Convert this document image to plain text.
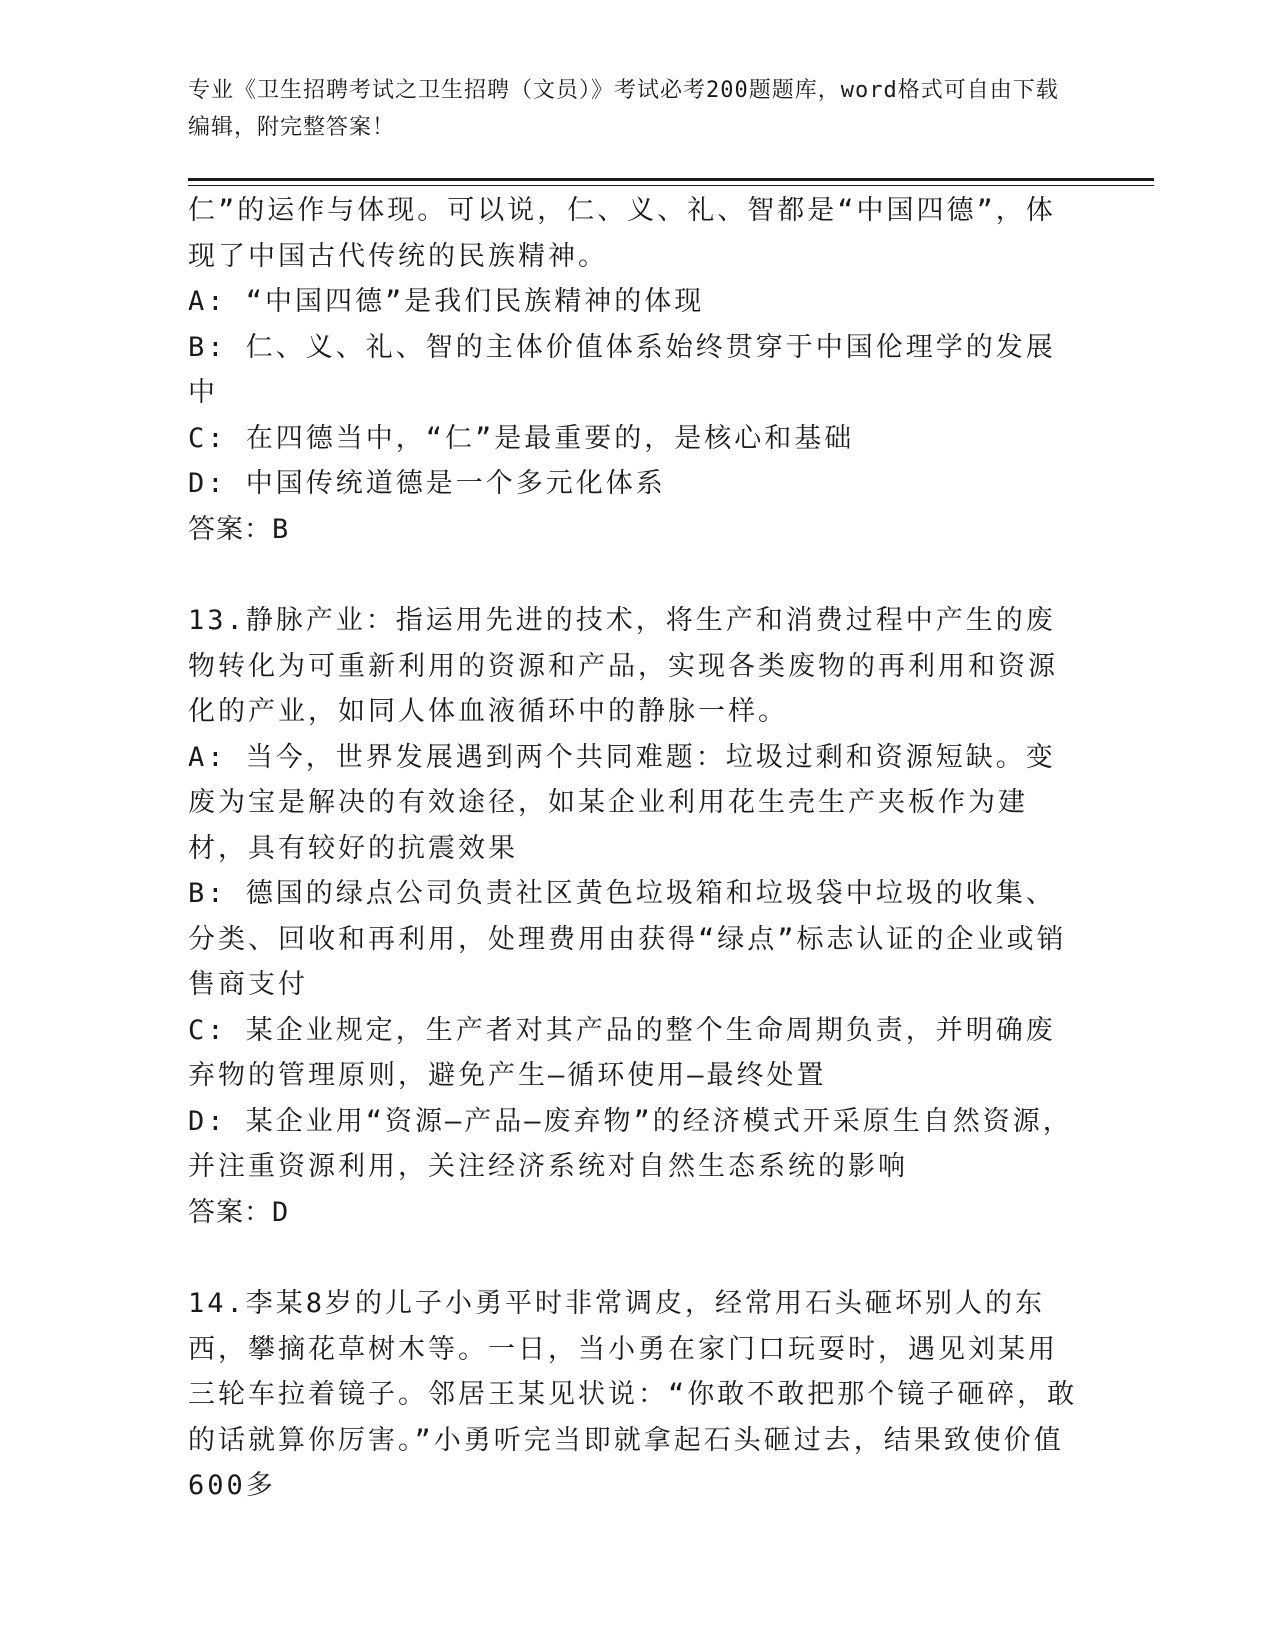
专业《卫生招聘考试之卫生招聘（文员）》考试必考200题题库，word格式可自由下载编辑，附完整答案！

仁”的运作与体现。可以说，仁、义、礼、智都是“中国四德”，体现了中国古代传统的民族精神。

A: “中国四德”是我们民族精神的体现

B: 仁、义、礼、智的主体价值体系始终贯穿于中国伦理学的发展中

C: 在四德当中，“仁”是最重要的，是核心和基础

D: 中国传统道德是一个多元化体系

答案：B

13.静脉产业：指运用先进的技术，将生产和消费过程中产生的废物转化为可重新利用的资源和产品，实现各类废物的再利用和资源化的产业，如同人体血液循环中的静脉一样。

A: 当今，世界发展遇到两个共同难题：垃圾过剩和资源短缺。变废为宝是解决的有效途径，如某企业利用花生壳生产夹板作为建材，具有较好的抗震效果

B: 德国的绿点公司负责社区黄色垃圾箱和垃圾袋中垃圾的收集、分类、回收和再利用，处理费用由获得“绿点”标志认证的企业或销售商支付

C: 某企业规定，生产者对其产品的整个生命周期负责，并明确废弃物的管理原则，避免产生—循环使用—最终处置

D: 某企业用“资源—产品—废弃物”的经济模式开采原生自然资源，并注重资源利用，关注经济系统对自然生态系统的影响

答案：D

14.李某8岁的儿子小勇平时非常调皮，经常用石头砸坏别人的东西，攀摘花草树木等。一日，当小勇在家门口玩耍时，遇见刘某用三轮车拉着镜子。邻居王某见状说：“你敢不敢把那个镜子砸碎，敢的话就算你厉害。”小勇听完当即就拿起石头砸过去，结果致使价值600多
